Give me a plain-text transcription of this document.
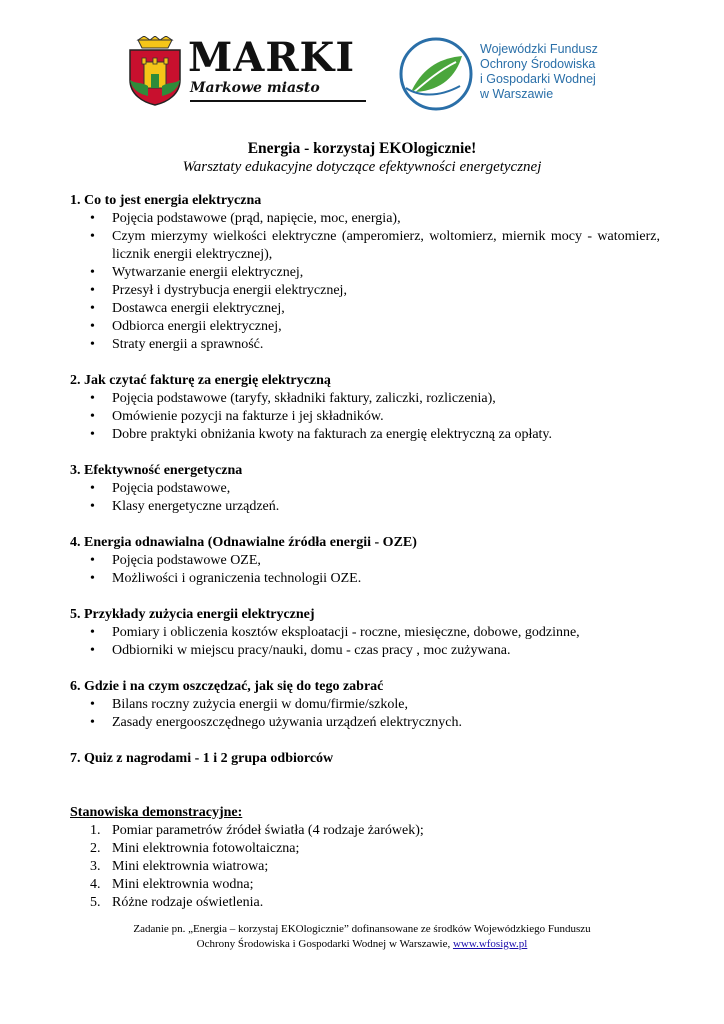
MARKI
Markowe miasto
Wojewódzki Fundusz
Ochrony Środowiska
i Gospodarki Wodnej
w Warszawie
Energia - korzystaj EKOlogicznie!
Warsztaty edukacyjne dotyczące efektywności energetycznej
1. Co to jest energia elektryczna
• Pojęcia podstawowe (prąd, napięcie, moc, energia),
• Czym mierzymy wielkości elektryczne (amperomierz, woltomierz, miernik mocy - watomierz, licznik energii elektrycznej),
• Wytwarzanie energii elektrycznej,
• Przesył i dystrybucja energii elektrycznej,
• Dostawca energii elektrycznej,
• Odbiorca energii elektrycznej,
• Straty energii a sprawność.
2. Jak czytać fakturę za energię elektryczną
• Pojęcia podstawowe (taryfy, składniki faktury, zaliczki, rozliczenia),
• Omówienie pozycji na fakturze i jej składników.
• Dobre praktyki obniżania kwoty na fakturach za energię elektryczną za opłaty.
3. Efektywność energetyczna
• Pojęcia podstawowe,
• Klasy energetyczne urządzeń.
4. Energia odnawialna (Odnawialne źródła energii - OZE)
• Pojęcia podstawowe OZE,
• Możliwości i ograniczenia technologii OZE.
5. Przykłady zużycia energii elektrycznej
• Pomiary i obliczenia kosztów eksploatacji - roczne, miesięczne, dobowe, godzinne,
• Odbiorniki w miejscu pracy/nauki, domu - czas pracy , moc zużywana.
6. Gdzie i na czym oszczędzać, jak się do tego zabrać
• Bilans roczny zużycia energii w domu/firmie/szkole,
• Zasady energooszczędnego używania urządzeń elektrycznych.
7. Quiz z nagrodami - 1 i 2 grupa odbiorców
Stanowiska demonstracyjne:
1. Pomiar parametrów źródeł światła (4 rodzaje żarówek);
2. Mini elektrownia fotowoltaiczna;
3. Mini elektrownia wiatrowa;
4. Mini elektrownia wodna;
5. Różne rodzaje oświetlenia.
Zadanie pn. „Energia – korzystaj EKOlogicznie” dofinansowane ze środków Wojewódzkiego Funduszu
Ochrony Środowiska i Gospodarki Wodnej w Warszawie, www.wfosigw.pl
